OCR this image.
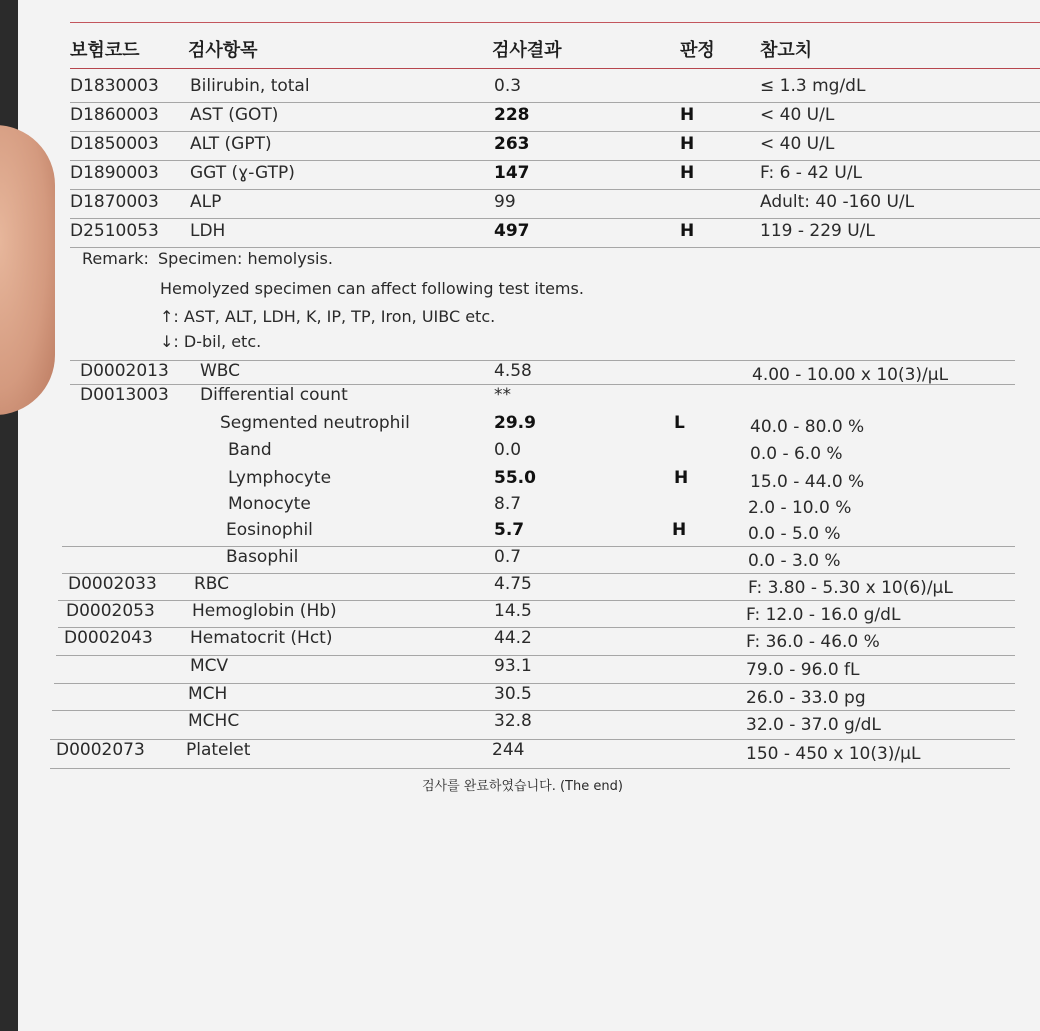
보험코드	검사항목	검사결과	판정	참고치
D1830003 Bilirubin, total	0.3	≤ 1.3 mg/dL
D1860003 AST (GOT)	228	H	< 40 U/L
D1850003 ALT (GPT)	263	H	< 40 U/L
D1890003 GGT (ɣ-GTP)	147	H	F: 6 - 42 U/L
D1870003 ALP	99	Adult: 40 -160 U/L
D2510053 LDH	497	H	119 - 229 U/L
Remark: Specimen: hemolysis.
Hemolyzed specimen can affect following test items.
↑: AST, ALT, LDH, K, IP, TP, Iron, UIBC etc.
↓: D-bil, etc.
D0002013 WBC	4.58	4.00 - 10.00 x 10(3)/μL
D0013003 Differential count	**
Segmented neutrophil	29.9	L	40.0 - 80.0 %
Band	0.0	0.0 - 6.0 %
Lymphocyte	55.0	H	15.0 - 44.0 %
Monocyte	8.7	2.0 - 10.0 %
Eosinophil	5.7	H	0.0 - 5.0 %
Basophil	0.7	0.0 - 3.0 %
D0002033 RBC	4.75	F: 3.80 - 5.30 x 10(6)/μL
D0002053 Hemoglobin (Hb)	14.5	F: 12.0 - 16.0 g/dL
D0002043 Hematocrit (Hct)	44.2	F: 36.0 - 46.0 %
MCV	93.1	79.0 - 96.0 fL
MCH	30.5	26.0 - 33.0 pg
MCHC	32.8	32.0 - 37.0 g/dL
D0002073 Platelet	244	150 - 450 x 10(3)/μL
검사를 완료하였습니다. (The end)
